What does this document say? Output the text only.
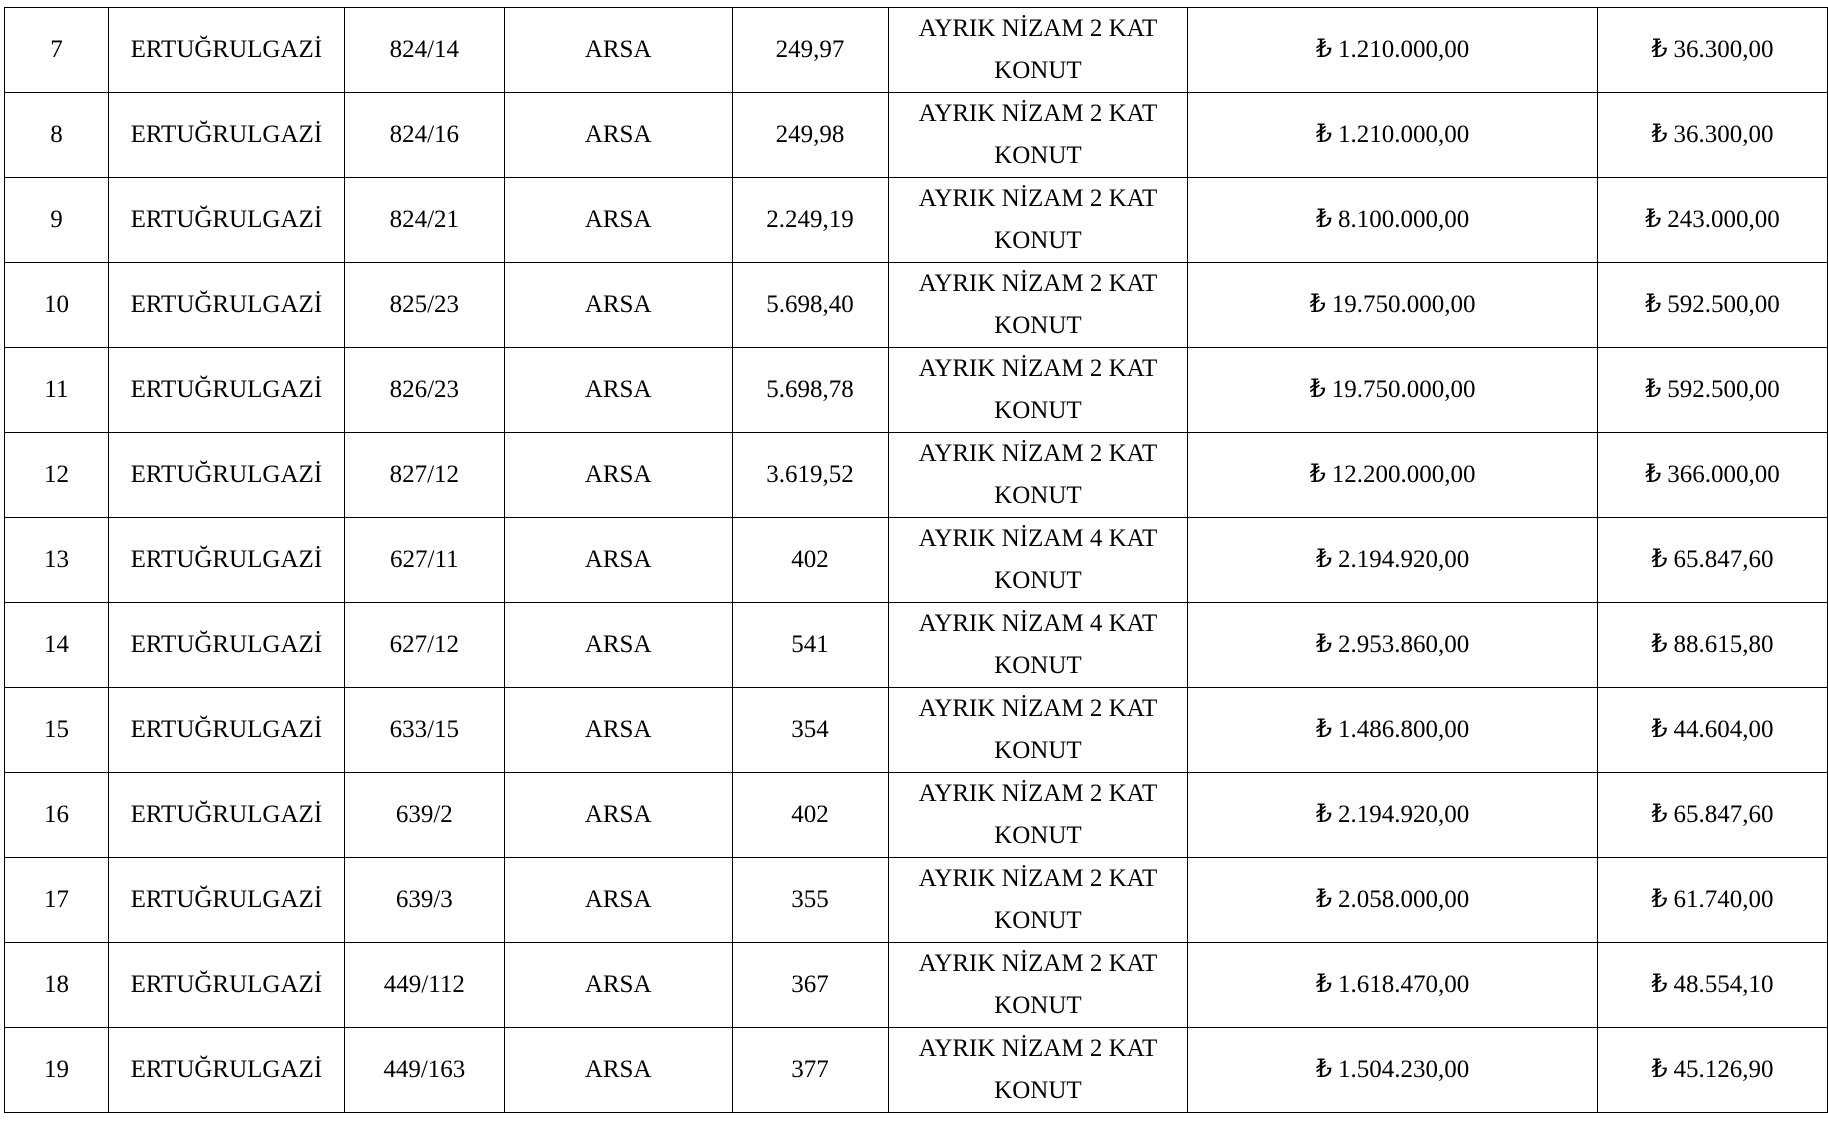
7	ERTUĞRULGAZİ	824/14	ARSA	249,97	AYRIK NİZAM 2 KAT KONUT	₺ 1.210.000,00	₺ 36.300,00
8	ERTUĞRULGAZİ	824/16	ARSA	249,98	AYRIK NİZAM 2 KAT KONUT	₺ 1.210.000,00	₺ 36.300,00
9	ERTUĞRULGAZİ	824/21	ARSA	2.249,19	AYRIK NİZAM 2 KAT KONUT	₺ 8.100.000,00	₺ 243.000,00
10	ERTUĞRULGAZİ	825/23	ARSA	5.698,40	AYRIK NİZAM 2 KAT KONUT	₺ 19.750.000,00	₺ 592.500,00
11	ERTUĞRULGAZİ	826/23	ARSA	5.698,78	AYRIK NİZAM 2 KAT KONUT	₺ 19.750.000,00	₺ 592.500,00
12	ERTUĞRULGAZİ	827/12	ARSA	3.619,52	AYRIK NİZAM 2 KAT KONUT	₺ 12.200.000,00	₺ 366.000,00
13	ERTUĞRULGAZİ	627/11	ARSA	402	AYRIK NİZAM 4 KAT KONUT	₺ 2.194.920,00	₺ 65.847,60
14	ERTUĞRULGAZİ	627/12	ARSA	541	AYRIK NİZAM 4 KAT KONUT	₺ 2.953.860,00	₺ 88.615,80
15	ERTUĞRULGAZİ	633/15	ARSA	354	AYRIK NİZAM 2 KAT KONUT	₺ 1.486.800,00	₺ 44.604,00
16	ERTUĞRULGAZİ	639/2	ARSA	402	AYRIK NİZAM 2 KAT KONUT	₺ 2.194.920,00	₺ 65.847,60
17	ERTUĞRULGAZİ	639/3	ARSA	355	AYRIK NİZAM 2 KAT KONUT	₺ 2.058.000,00	₺ 61.740,00
18	ERTUĞRULGAZİ	449/112	ARSA	367	AYRIK NİZAM 2 KAT KONUT	₺ 1.618.470,00	₺ 48.554,10
19	ERTUĞRULGAZİ	449/163	ARSA	377	AYRIK NİZAM 2 KAT KONUT	₺ 1.504.230,00	₺ 45.126,90
